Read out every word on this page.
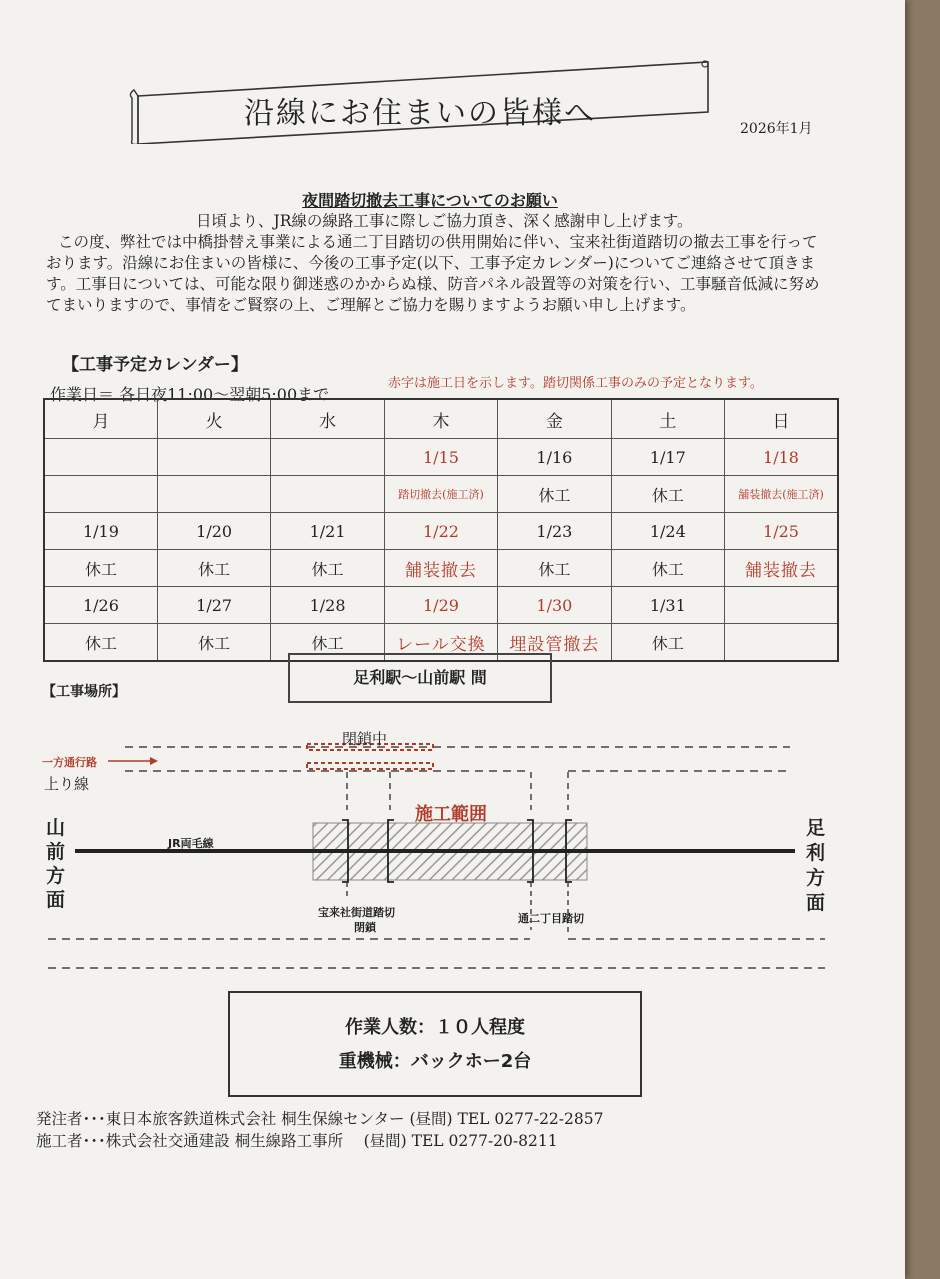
沿線にお住まいの皆様へ	2026年1月
夜間踏切撤去工事についてのお願い

日頃より、JR線の線路工事に際しご協力頂き、深く感謝申し上げます。

この度、弊社では中橋掛替え事業による通二丁目踏切の供用開始に伴い、宝来社街道踏切の撤去工事を行っております。沿線にお住まいの皆様に、今後の工事予定(以下、工事予定カレンダー)についてご連絡させて頂きます。工事日については、可能な限り御迷惑のかからぬ様、防音パネル設置等の対策を行い、工事騒音低減に努めてまいりますので、事情をご賢察の上、ご理解とご協力を賜りますようお願い申し上げます。

【工事予定カレンダー】
作業日＝ 各日夜11:00～翌朝5:00まで
赤字は施工日を示します。踏切関係工事のみの予定となります。
月	火	水	木	金	土	日
			1/15	1/16	1/17	1/18
			踏切撤去(施工済)	休工	休工	舗装撤去(施工済)
1/19	1/20	1/21	1/22	1/23	1/24	1/25
休工	休工	休工	舗装撤去	休工	休工	舗装撤去
1/26	1/27	1/28	1/29	1/30	1/31	
休工	休工	休工	レール交換	埋設管撤去	休工	
足利駅～山前駅 間
【工事場所】
閉鎖中
一方通行路
上り線
山前方面
足利方面
JR両毛線
施工範囲
宝来社街道踏切
閉鎖
通二丁目踏切
作業人数：１０人程度
重機械：バックホー2台
発注者･･･東日本旅客鉄道株式会社 桐生保線センター (昼間) TEL 0277-22-2857
施工者･･･株式会社交通建設 桐生線路工事所　 (昼間) TEL 0277-20-8211
